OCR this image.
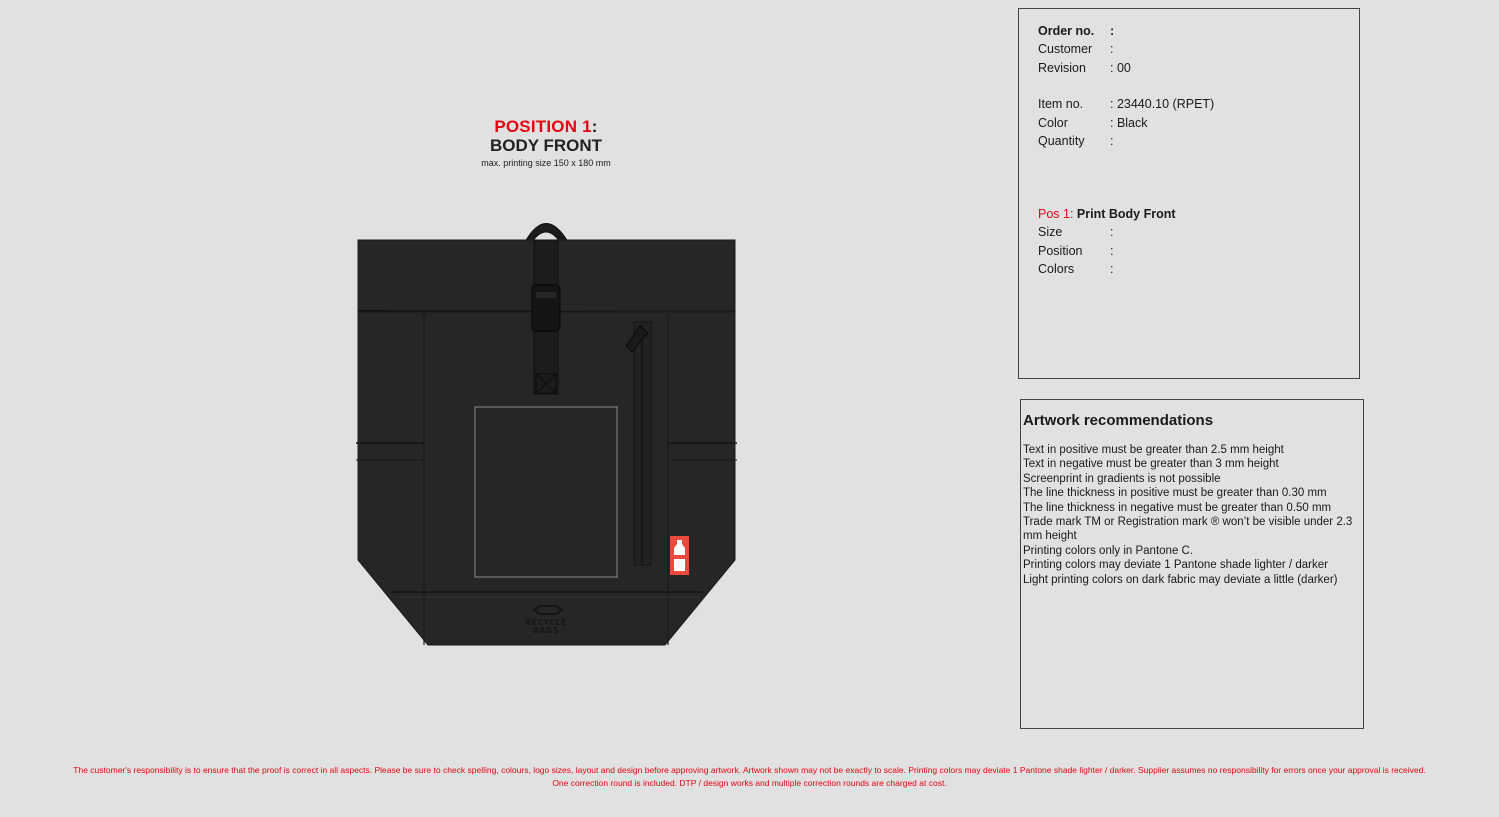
POSITION 1:
BODY FRONT
max. printing size 150 x 180 mm
RECYCLE
BAGS
Order no. :
Customer :
Revision : 00
Item no. : 23440.10 (RPET)
Color	: Black
Quantity :
Pos 1: Print Body Front
Size	:
Position :
Colors	:
Artwork recommendations
Text in positive must be greater than 2.5 mm height
Text in negative must be greater than 3 mm height
Screenprint in gradients is not possible
The line thickness in positive must be greater than 0.30 mm
The line thickness in negative must be greater than 0.50 mm
Trade mark TM or Registration mark ® won’t be visible under 2.3 mm height
Printing colors only in Pantone C.
Printing colors may deviate 1 Pantone shade lighter / darker
Light printing colors on dark fabric may deviate a little (darker)
The customer's responsibility is to ensure that the proof is correct in all aspects. Please be sure to check spelling, colours, logo sizes, layout and design before approving artwork. Artwork shown may not be exactly to scale. Printing colors may deviate 1 Pantone shade lighter / darker. Supplier assumes no responsibility for errors once your approval is received.
One correction round is included. DTP / design works and multiple correction rounds are charged at cost.
